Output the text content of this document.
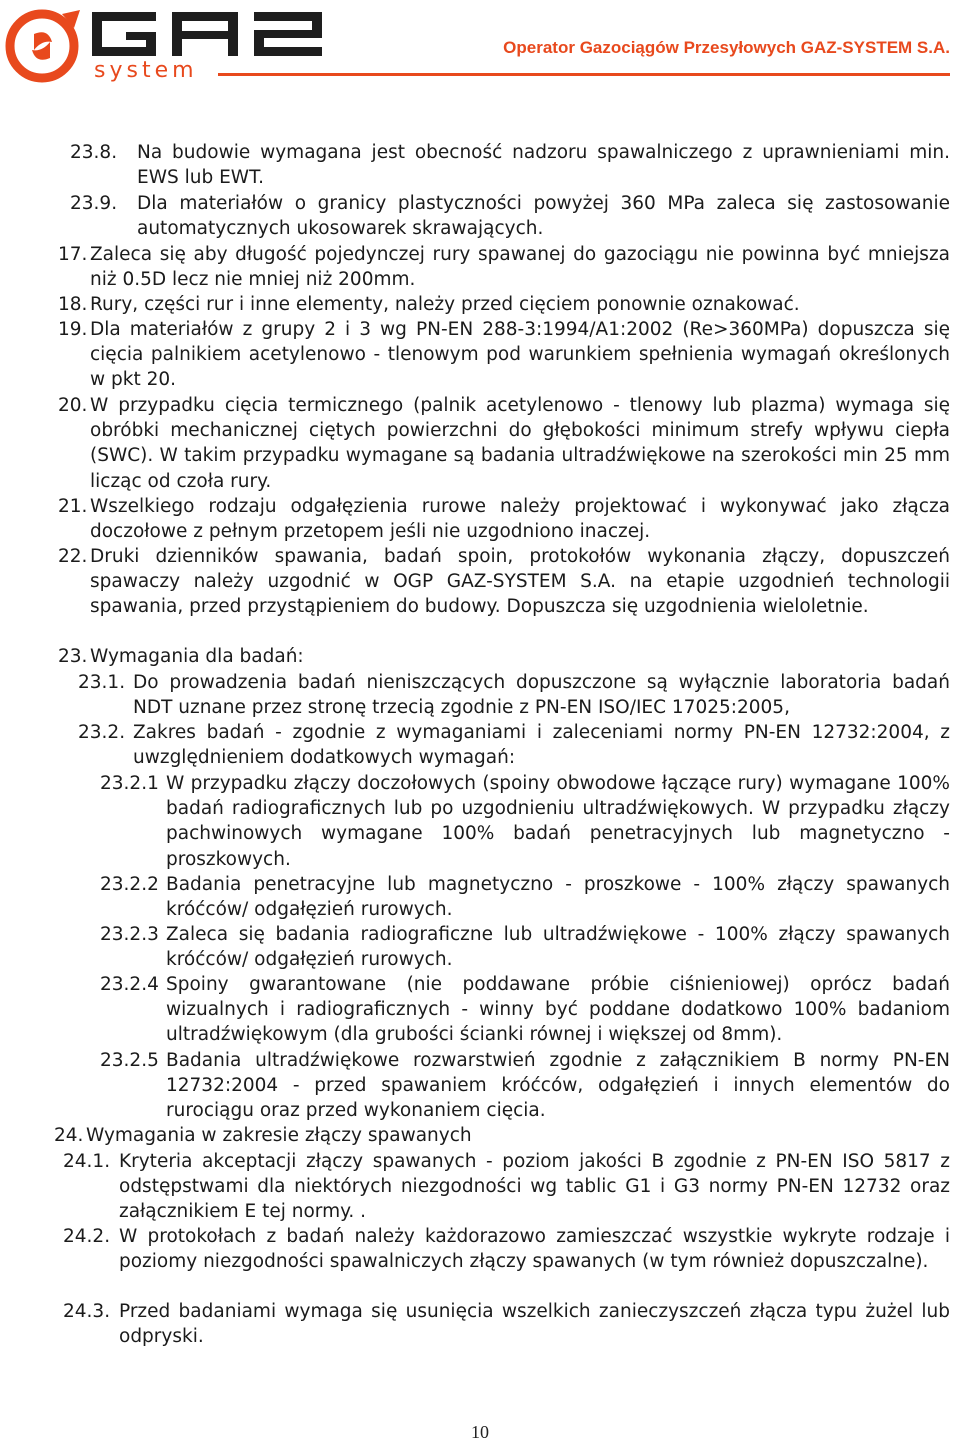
system
Operator Gazociągów Przesyłowych GAZ-SYSTEM S.A.
23.8. Na budowie wymagana jest obecność nadzoru spawalniczego z uprawnieniami min. EWS lub EWT.

23.9. Dla materiałów o granicy plastyczności powyżej 360 MPa zaleca się zastosowanie automatycznych ukosowarek skrawających.

17. Zaleca się aby długość pojedynczej rury spawanej do gazociągu nie powinna być mniejsza niż 0.5D lecz nie mniej niż 200mm.

18. Rury, części rur i inne elementy, należy przed cięciem ponownie oznakować.

19. Dla materiałów z grupy 2 i 3 wg PN-EN 288-3:1994/A1:2002 (Re>360MPa) dopuszcza się cięcia palnikiem acetylenowo - tlenowym pod warunkiem spełnienia wymagań określonych w pkt 20.

20. W przypadku cięcia termicznego (palnik acetylenowo - tlenowy lub plazma) wymaga się obróbki mechanicznej ciętych powierzchni do głębokości minimum strefy wpływu ciepła (SWC). W takim przypadku wymagane są badania ultradźwiękowe na szerokości min 25 mm licząc od czoła rury.

21. Wszelkiego rodzaju odgałęzienia rurowe należy projektować i wykonywać jako złącza doczołowe z pełnym przetopem jeśli nie uzgodniono inaczej.

22. Druki dzienników spawania, badań spoin, protokołów wykonania złączy, dopuszczeń spawaczy należy uzgodnić w OGP GAZ-SYSTEM S.A. na etapie uzgodnień technologii spawania, przed przystąpieniem do budowy. Dopuszcza się uzgodnienia wieloletnie.

23. Wymagania dla badań:

23.1. Do prowadzenia badań nieniszczących dopuszczone są wyłącznie laboratoria badań NDT uznane przez stronę trzecią zgodnie z PN-EN ISO/IEC 17025:2005,

23.2. Zakres badań - zgodnie z wymaganiami i zaleceniami normy PN-EN 12732:2004, z uwzględnieniem dodatkowych wymagań:

23.2.1 W przypadku złączy doczołowych (spoiny obwodowe łączące rury) wymagane 100% badań radiograficznych lub po uzgodnieniu ultradźwiękowych. W przypadku złączy pachwinowych wymagane 100% badań penetracyjnych lub magnetyczno - proszkowych.

23.2.2 Badania penetracyjne lub magnetyczno - proszkowe - 100% złączy spawanych króćców/ odgałęzień rurowych.

23.2.3 Zaleca się badania radiograficzne lub ultradźwiękowe - 100% złączy spawanych króćców/ odgałęzień rurowych.

23.2.4 Spoiny gwarantowane (nie poddawane próbie ciśnieniowej) oprócz badań wizualnych i radiograficznych - winny być poddane dodatkowo 100% badaniom ultradźwiękowym (dla grubości ścianki równej i większej od 8mm).

23.2.5 Badania ultradźwiękowe rozwarstwień zgodnie z załącznikiem B normy PN-EN 12732:2004 - przed spawaniem króćców, odgałęzień i innych elementów do rurociągu oraz przed wykonaniem cięcia.

24. Wymagania w zakresie złączy spawanych

24.1. Kryteria akceptacji złączy spawanych - poziom jakości B zgodnie z PN-EN ISO 5817 z odstępstwami dla niektórych niezgodności wg tablic G1 i G3 normy PN-EN 12732 oraz załącznikiem E tej normy. .

24.2. W protokołach z badań należy każdorazowo zamieszczać wszystkie wykryte rodzaje i poziomy niezgodności spawalniczych złączy spawanych (w tym również dopuszczalne).

24.3. Przed badaniami wymaga się usunięcia wszelkich zanieczyszczeń złącza typu żużel lub odpryski.

10
